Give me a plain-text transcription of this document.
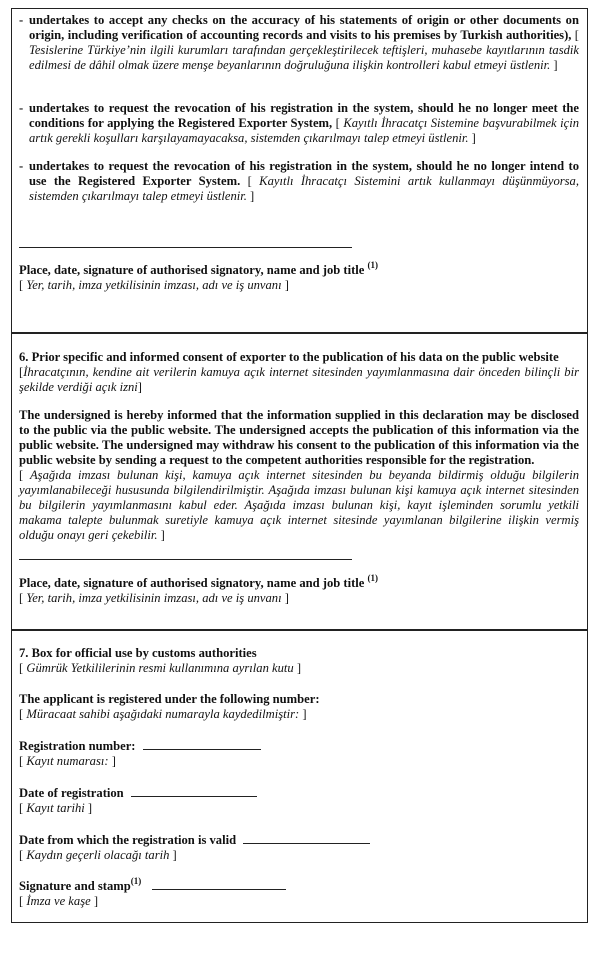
- undertakes to accept any checks on the accuracy of his statements of origin or other documents on origin, including verification of accounting records and visits to his premises by Turkish authorities), [ Tesislerine Türkiye’nin ilgili kurumları tarafından gerçekleştirilecek teftişleri, muhasebe kayıtlarının tasdik edilmesi de dâhil olmak üzere menşe beyanlarının doğruluğuna ilişkin kontrolleri kabul etmeyi üstlenir. ]
- undertakes to request the revocation of his registration in the system, should he no longer meet the conditions for applying the Registered Exporter System, [ Kayıtlı İhracatçı Sistemine başvurabilmek için artık gerekli koşulları karşılayamayacaksa, sistemden çıkarılmayı talep etmeyi üstlenir. ]
- undertakes to request the revocation of his registration in the system, should he no longer intend to use the Registered Exporter System. [ Kayıtlı İhracatçı Sistemini artık kullanmayı düşünmüyorsa, sistemden çıkarılmayı talep etmeyi üstlenir. ]
Place, date, signature of authorised signatory, name and job title $^{(1)}$
[ Yer, tarih, imza yetkilisinin imzası, adı ve iş unvanı ]
6. Prior specific and informed consent of exporter to the publication of his data on the public website
[İhracatçının, kendine ait verilerin kamuya açık internet sitesinden yayımlanmasına dair önceden bilinçli bir şekilde verdiği açık izni]
The undersigned is hereby informed that the information supplied in this declaration may be disclosed to the public via the public website. The undersigned accepts the publication of this information via the public website. The undersigned may withdraw his consent to the publication of this information via the public website by sending a request to the competent authorities responsible for the registration.
[ Aşağıda imzası bulunan kişi, kamuya açık internet sitesinden bu beyanda bildirmiş olduğu bilgilerin yayımlanabileceği hususunda bilgilendirilmiştir. Aşağıda imzası bulunan kişi kamuya açık internet sitesinden bu bilgilerin yayımlanmasını kabul eder. Aşağıda imzası bulunan kişi, kayıt işleminden sorumlu yetkili makama talepte bulunmak suretiyle kamuya açık internet sitesinde yayımlanan bilgilerine ilişkin vermiş olduğu onayı geri çekebilir. ]
Place, date, signature of authorised signatory, name and job title $^{(1)}$
[ Yer, tarih, imza yetkilisinin imzası, adı ve iş unvanı ]
7. Box for official use by customs authorities
[ Gümrük Yetkililerinin resmi kullanımına ayrılan kutu ]
The applicant is registered under the following number:
[ Müracaat sahibi aşağıdaki numarayla kaydedilmiştir: ]
Registration number:
[ Kayıt numarası: ]
Date of registration
[ Kayıt tarihi ]
Date from which the registration is valid
[ Kaydın geçerli olacağı tarih ]
Signature and stamp$^{(1)}$
[ İmza ve kaşe ]
